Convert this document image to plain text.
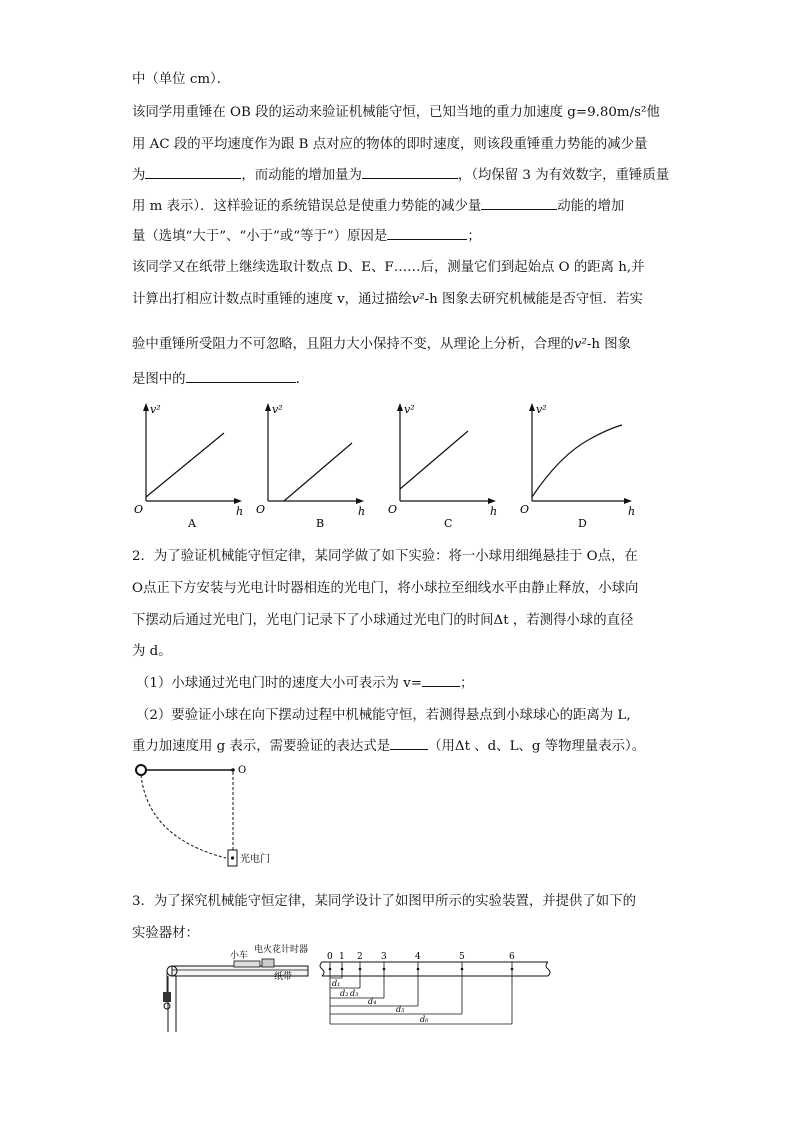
中（单位 cm）．
该同学用重锤在 OB 段的运动来验证机械能守恒，已知当地的重力加速度 g=9.80m/s²他
用 AC 段的平均速度作为跟 B 点对应的物体的即时速度，则该段重锤重力势能的减少量
为	，而动能的增加量为	，（均保留 3 为有效数字，重锤质量
用 m 表示）．这样验证的系统错误总是使重力势能的减少量	动能的增加
量（选填“大于”、“小于”或“等于”）原因是	；
该同学又在纸带上继续选取计数点 D、E、F……后，测量它们到起始点 O 的距离 h,并
计算出打相应计数点时重锤的速度 v，通过描绘v²-h 图象去研究机械能是否守恒．若实
验中重锤所受阻力不可忽略，且阻力大小保持不变，从理论上分析，合理的v²-h 图象
是图中的	．
v²
h
O
A
v²
h
O
B
v²
h
O
C
v²
h
O
D
2．为了验证机械能守恒定律，某同学做了如下实验：将一小球用细绳悬挂于 O点，在
O点正下方安装与光电计时器相连的光电门，将小球拉至细线水平由静止释放，小球向
下摆动后通过光电门，光电门记录下了小球通过光电门的时间Δt ，若测得小球的直径
为 d。
（1）小球通过光电门时的速度大小可表示为 v=	；
（2）要验证小球在向下摆动过程中机械能守恒，若测得悬点到小球球心的距离为 L,
重力加速度用 g 表示，需要验证的表达式是	（用Δt 、d、L、g 等物理量表示）。
O
光电门
3．为了探究机械能守恒定律，某同学设计了如图甲所示的实验装置，并提供了如下的
实验器材：
小车
电火花计时器
纸带
0 1 2 3	4	5	6
d₁
d₂ d₃
d₄
d₅
d₆
